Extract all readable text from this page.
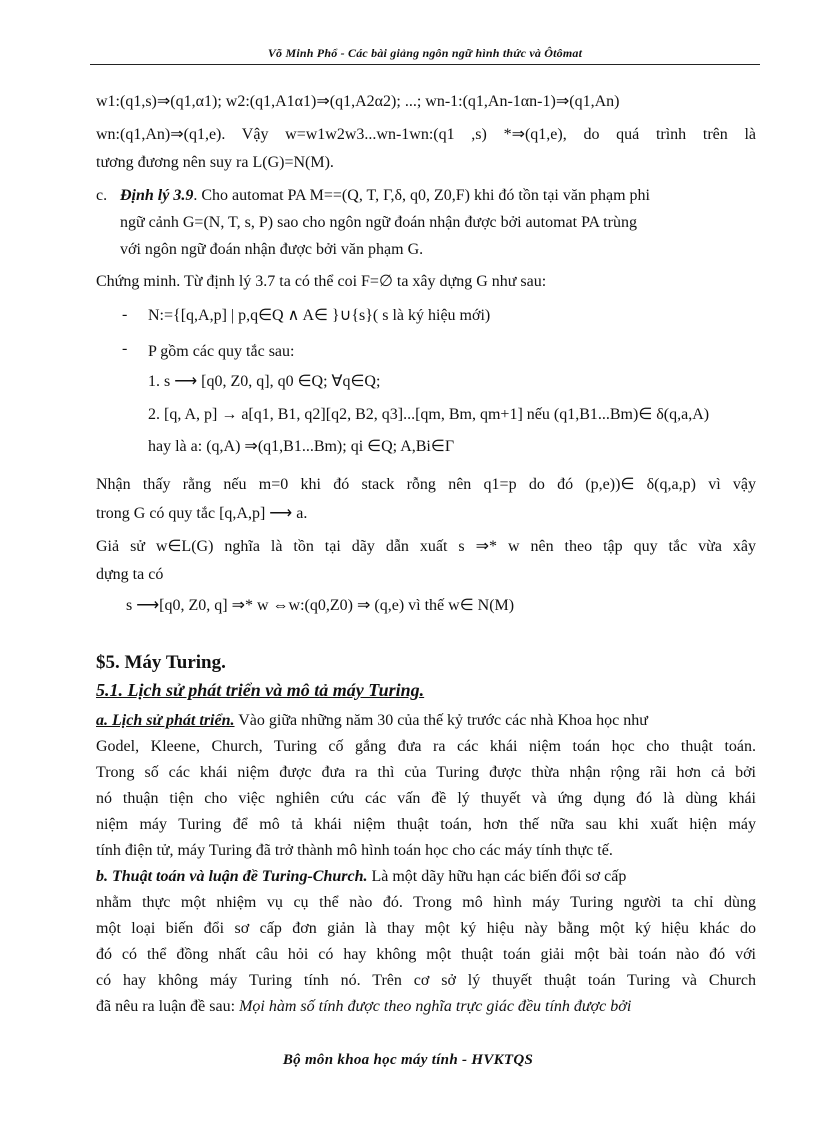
Võ Minh Phổ - Các bài giảng ngôn ngữ hình thức và Ôtômat
w1:(q1,s)⇒(q1,α1); w2:(q1,A1α1)⇒(q1,A2α2); ...; wn-1:(q1,An-1αn-1)⇒(q1,An)
wn:(q1,An)⇒(q1,e). Vậy w=w1w2w3...wn-1wn:(q1 ,s) *⇒(q1,e), do quá trình trên là
tương đương nên suy ra L(G)=N(M).
c. Định lý 3.9. Cho automat PA M==(Q, T, Γ,δ, q0, Z0,F) khi đó tồn tại văn phạm phi
ngữ cảnh G=(N, T, s, P) sao cho ngôn ngữ đoán nhận được bởi automat PA trùng
với ngôn ngữ đoán nhận được bởi văn phạm G.
Chứng minh. Từ định lý 3.7 ta có thể coi F=∅ ta xây dựng G như sau:
- N:={[q,A,p] | p,q∈Q ∧ A∈ }∪{s}( s là ký hiệu mới)
- P gồm các quy tắc sau:
1. s ⟶ [q0, Z0, q], q0 ∈Q; ∀q∈Q;
2. [q, A, p] → a[q1, B1, q2][q2, B2, q3]...[qm, Bm, qm+1] nếu (q1,B1...Bm)∈ δ(q,a,A)
hay là a: (q,A) ⇒(q1,B1...Bm); qi ∈Q; A,Bi∈Γ
Nhận thấy rằng nếu m=0 khi đó stack rỗng nên q1=p do đó (p,e))∈ δ(q,a,p) vì vậy
trong G có quy tắc [q,A,p] ⟶ a.
Giả sử w∈L(G) nghĩa là tồn tại dãy dẫn xuất s ⇒* w nên theo tập quy tắc vừa xây
dựng ta có
s ⟶[q0, Z0, q] ⇒* w ⇔w:(q0,Z0) ⇒ (q,e) vì thế w∈ N(M)
$5. Máy Turing.
5.1. Lịch sử phát triển và mô tả máy Turing.
a. Lịch sử phát triển. Vào giữa những năm 30 của thế kỷ trước các nhà Khoa học như
Godel, Kleene, Church, Turing cố gắng đưa ra các khái niệm toán học cho thuật toán.
Trong số các khái niệm được đưa ra thì của Turing được thừa nhận rộng rãi hơn cả bởi
nó thuận tiện cho việc nghiên cứu các vấn đề lý thuyết và ứng dụng đó là dùng khái
niệm máy Turing để mô tả khái niệm thuật toán, hơn thế nữa sau khi xuất hiện máy
tính điện tử, máy Turing đã trở thành mô hình toán học cho các máy tính thực tế.
b. Thuật toán và luận đề Turing-Church. Là một dãy hữu hạn các biến đổi sơ cấp
nhằm thực một nhiệm vụ cụ thể nào đó. Trong mô hình máy Turing người ta chỉ dùng
một loại biến đổi sơ cấp đơn giản là thay một ký hiệu này bằng một ký hiệu khác do
đó có thể đồng nhất câu hỏi có hay không một thuật toán giải một bài toán nào đó với
có hay không máy Turing tính nó. Trên cơ sở lý thuyết thuật toán Turing và Church
đã nêu ra luận đề sau: Mọi hàm số tính được theo nghĩa trực giác đều tính được bởi
Bộ môn khoa học máy tính - HVKTQS
